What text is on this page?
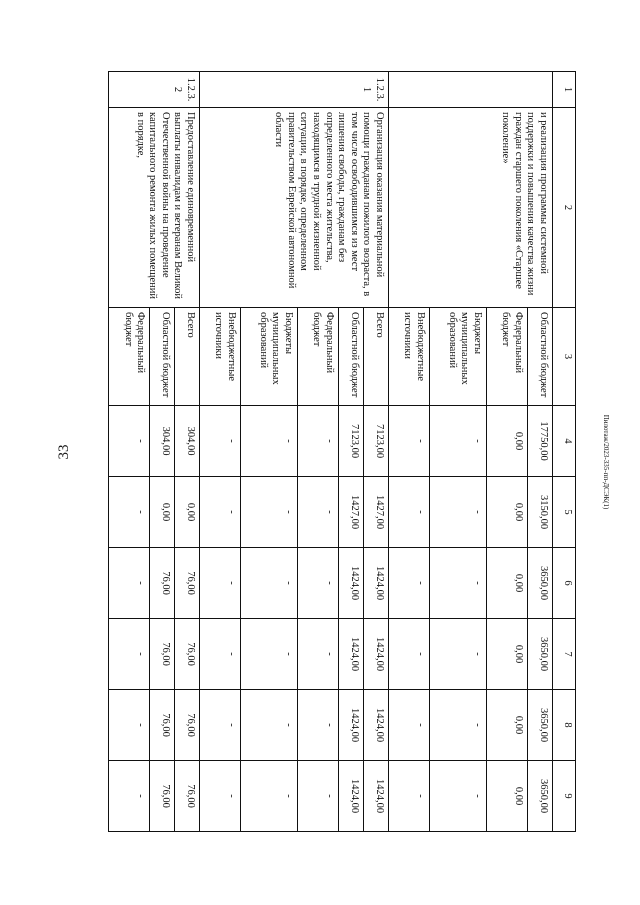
33	Пилотаж/2023-335-пп-ДСЭК(1)
1	2	3	4	5	6	7	8	9
	и реализация программы системной поддержки и повышения качества жизни граждан старшего поколения «Старшее поколение»	Областной бюджет	17750,00	3150,00	3650,00	3650,00	3650,00	3650,00
		Федеральный бюджет	0,00	0,00	0,00	0,00	0,00	0,00
		Бюджеты муниципальных образований	-	-	-	-	-	-
		Внебюджетные источники	-	-	-	-	-	-
1.2.3.1	Организация оказания материальной помощи гражданам пожилого возраста, в том числе освободившимся из мест лишения свободы, гражданам без определенного места жительства, находящимся в трудной жизненной ситуации, в порядке, определенном правительством Еврейской автономной области	Всего	7123,00	1427,00	1424,00	1424,00	1424,00	1424,00
		Областной бюджет	7123,00	1427,00	1424,00	1424,00	1424,00	1424,00
		Федеральный бюджет	-	-	-	-	-	-
		Бюджеты муниципальных образований	-	-	-	-	-	-
		Внебюджетные источники	-	-	-	-	-	-
1.2.3.2	Предоставление единовременной выплаты инвалидам и ветеранам Великой Отечественной войны на проведение капитального ремонта жилых помещений в порядке,	Всего	304,00	0,00	76,00	76,00	76,00	76,00
		Областной бюджет	304,00	0,00	76,00	76,00	76,00	76,00
		Федеральный бюджет	-	-	-	-	-	-
